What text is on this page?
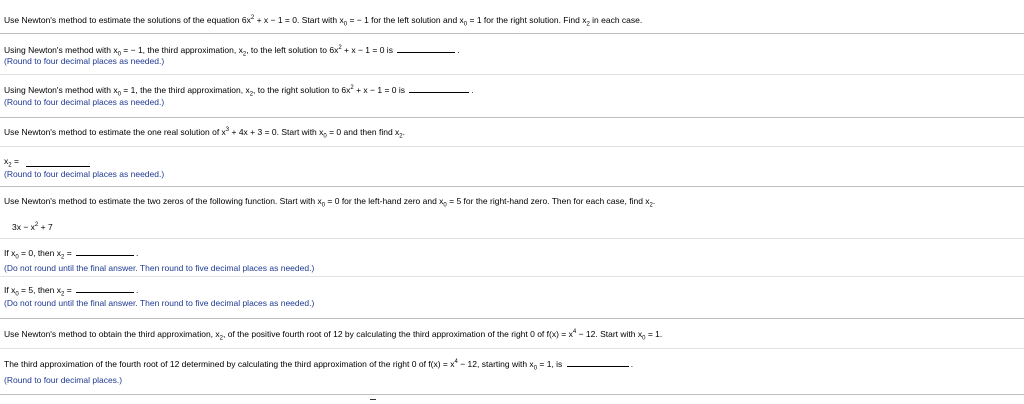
Use Newton's method to estimate the solutions of the equation $6x^2 + x - 1 = 0$. Start with $x_0$ = − 1 for the left solution and $x_0 = 1$ for the right solution. Find $x_2$ in each case.
Using Newton's method with $x_0$ = − 1, the third approximation, $x_2$, to the left solution to $6x^2 + x - 1 = 0$ is	.
(Round to four decimal places as needed.)
Using Newton's method with $x_0 = 1$, the the third approximation, $x_2$, to the right solution to $6x^2 + x - 1 = 0$ is	.
(Round to four decimal places as needed.)
Use Newton's method to estimate the one real solution of $x^3 + 4x + 3 = 0$. Start with $x_0 = 0$ and then find $x_2$.
$x_2$ =
(Round to four decimal places as needed.)
Use Newton's method to estimate the two zeros of the following function. Start with $x_0 = 0$ for the left-hand zero and $x_0 = 5$ for the right-hand zero. Then for each case, find $x_2$.
$3x - x^2 + 7$
If $x_0 = 0$, then $x_2$ =	.
(Do not round until the final answer. Then round to five decimal places as needed.)
If $x_0 = 5$, then $x_2$ =	.
(Do not round until the final answer. Then round to five decimal places as needed.)
Use Newton's method to obtain the third approximation, $x_2$, of the positive fourth root of 12 by calculating the third approximation of the right 0 of $f(x) = x^4 - 12$. Start with $x_0 = 1$.
The third approximation of the fourth root of 12 determined by calculating the third approximation of the right 0 of $f(x) = x^4 - 12$, starting with $x_0 = 1$, is	.
(Round to four decimal places.)
